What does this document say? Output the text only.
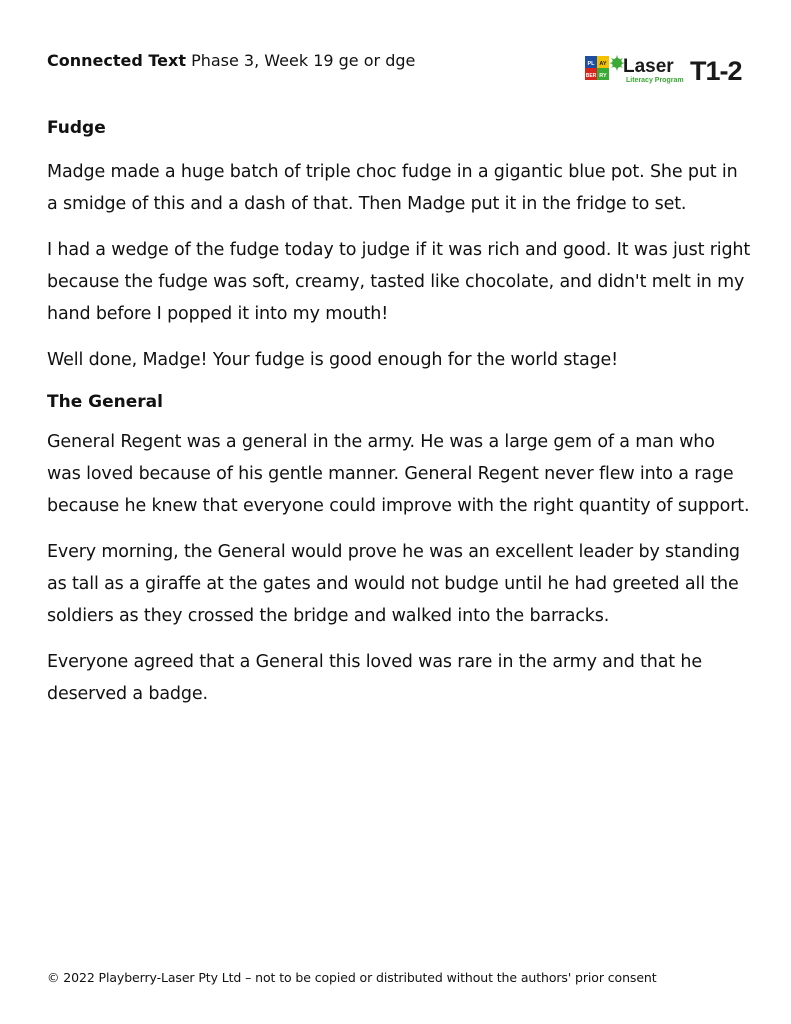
Connected Text Phase 3, Week 19 ge or dge	PL AY
BER RY Laser
Literacy Program T1-2
Fudge

Madge made a huge batch of triple choc fudge in a gigantic blue pot. She put in a smidge of this and a dash of that. Then Madge put it in the fridge to set.

I had a wedge of the fudge today to judge if it was rich and good. It was just right because the fudge was soft, creamy, tasted like chocolate, and didn't melt in my hand before I popped it into my mouth!

Well done, Madge! Your fudge is good enough for the world stage!

The General

General Regent was a general in the army. He was a large gem of a man who was loved because of his gentle manner. General Regent never flew into a rage because he knew that everyone could improve with the right quantity of support.

Every morning, the General would prove he was an excellent leader by standing as tall as a giraffe at the gates and would not budge until he had greeted all the soldiers as they crossed the bridge and walked into the barracks.

Everyone agreed that a General this loved was rare in the army and that he deserved a badge.

© 2022 Playberry-Laser Pty Ltd – not to be copied or distributed without the authors' prior consent
